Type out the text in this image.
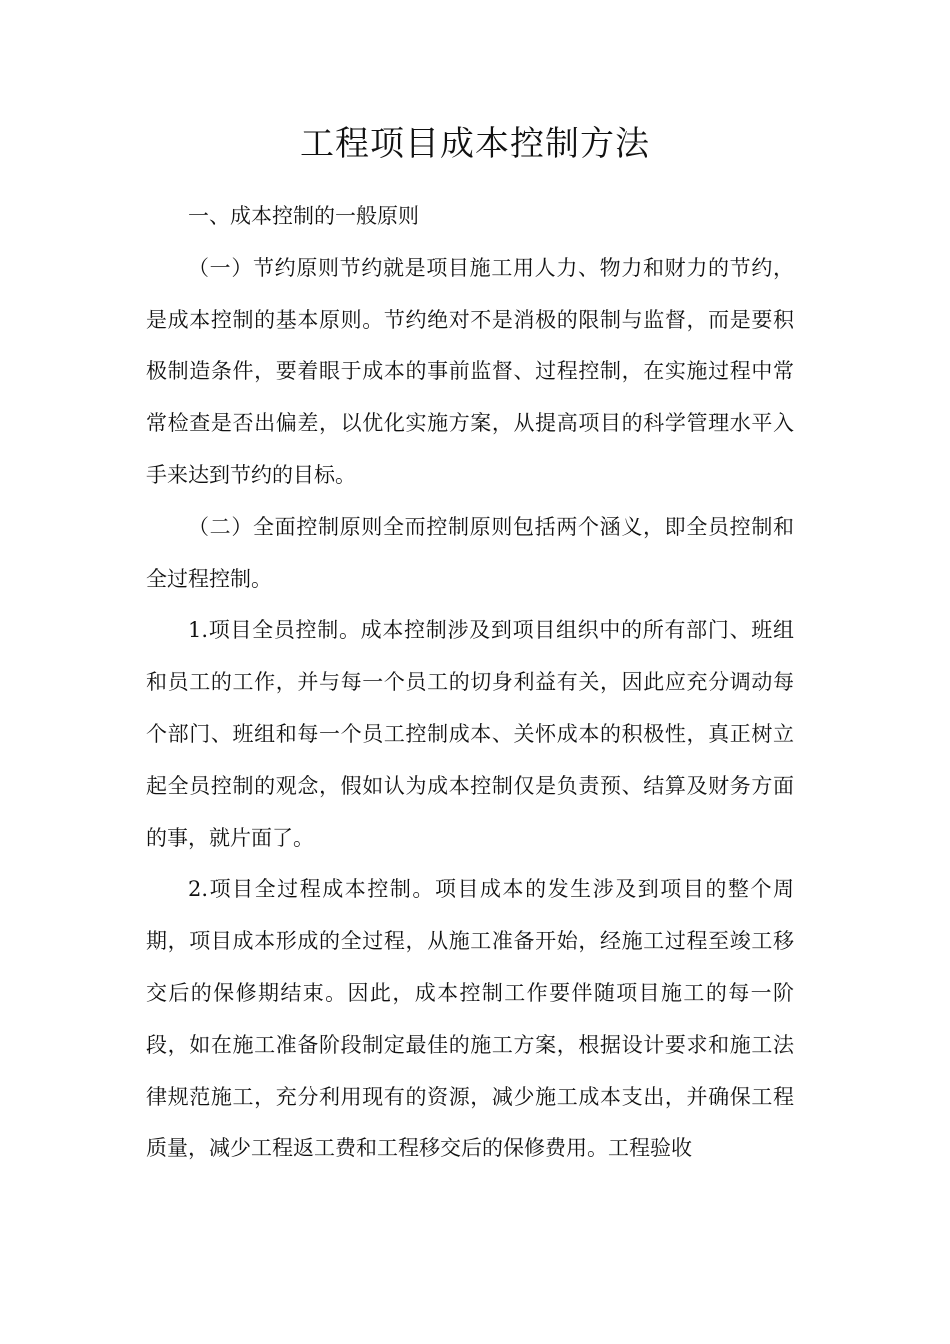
工程项目成本控制方法

一、成本控制的一般原则

（一）节约原则节约就是项目施工用人力、物力和财力的节约，是成本控制的基本原则。节约绝对不是消极的限制与监督，而是要积极制造条件，要着眼于成本的事前监督、过程控制，在实施过程中常常检查是否出偏差，以优化实施方案，从提高项目的科学管理水平入手来达到节约的目标。

（二）全面控制原则全而控制原则包括两个涵义，即全员控制和全过程控制。

1.项目全员控制。成本控制涉及到项目组织中的所有部门、班组和员工的工作，并与每一个员工的切身利益有关，因此应充分调动每个部门、班组和每一个员工控制成本、关怀成本的积极性，真正树立起全员控制的观念，假如认为成本控制仅是负责预、结算及财务方面的事，就片面了。

2.项目全过程成本控制。项目成本的发生涉及到项目的整个周期，项目成本形成的全过程，从施工准备开始，经施工过程至竣工移交后的保修期结束。因此，成本控制工作要伴随项目施工的每一阶段，如在施工准备阶段制定最佳的施工方案，根据设计要求和施工法律规范施工，充分利用现有的资源，减少施工成本支出，并确保工程质量，减少工程返工费和工程移交后的保修费用。工程验收
